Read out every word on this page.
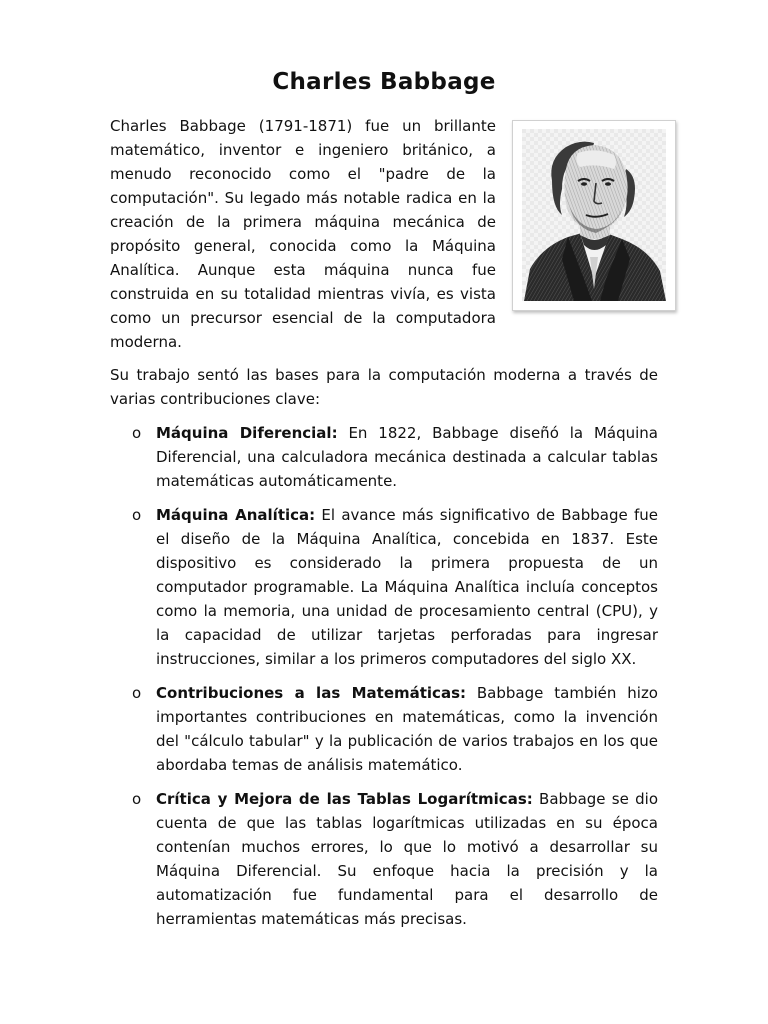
Charles Babbage

Charles Babbage (1791-1871) fue un brillante matemático, inventor e ingeniero británico, a menudo reconocido como el "padre de la computación". Su legado más notable radica en la creación de la primera máquina mecánica de propósito general, conocida como la Máquina Analítica. Aunque esta máquina nunca fue construida en su totalidad mientras vivía, es vista como un precursor esencial de la computadora moderna.

Su trabajo sentó las bases para la computación moderna a través de varias contribuciones clave:

o Máquina Diferencial: En 1822, Babbage diseñó la Máquina Diferencial, una calculadora mecánica destinada a calcular tablas matemáticas automáticamente.
o Máquina Analítica: El avance más significativo de Babbage fue el diseño de la Máquina Analítica, concebida en 1837. Este dispositivo es considerado la primera propuesta de un computador programable. La Máquina Analítica incluía conceptos como la memoria, una unidad de procesamiento central (CPU), y la capacidad de utilizar tarjetas perforadas para ingresar instrucciones, similar a los primeros computadores del siglo XX.
o Contribuciones a las Matemáticas: Babbage también hizo importantes contribuciones en matemáticas, como la invención del "cálculo tabular" y la publicación de varios trabajos en los que abordaba temas de análisis matemático.
o Crítica y Mejora de las Tablas Logarítmicas: Babbage se dio cuenta de que las tablas logarítmicas utilizadas en su época contenían muchos errores, lo que lo motivó a desarrollar su Máquina Diferencial. Su enfoque hacia la precisión y la automatización fue fundamental para el desarrollo de herramientas matemáticas más precisas.
